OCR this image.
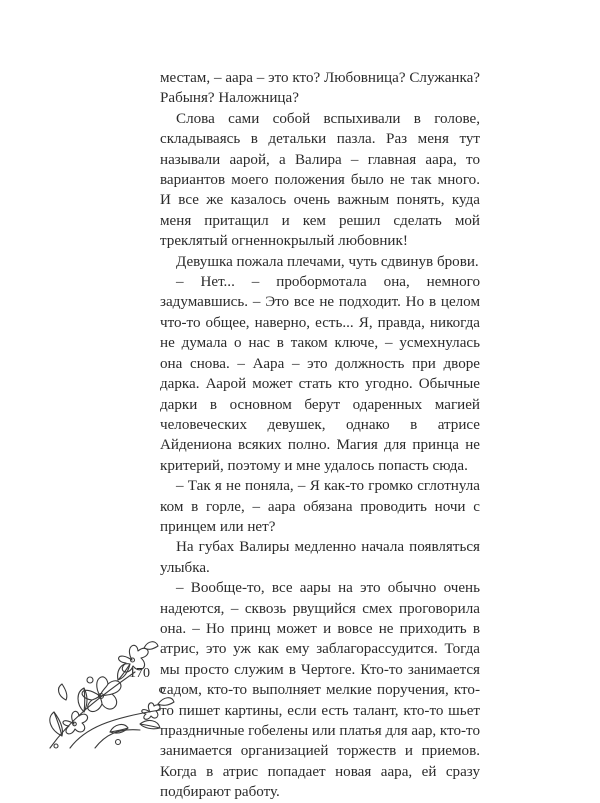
местам, – аара – это кто? Любовница? Служанка? Рабыня? Наложница?

Слова сами собой вспыхивали в голове, складываясь в детальки пазла. Раз меня тут называли аарой, а Валира – главная аара, то вариантов моего положения было не так много. И все же казалось очень важным понять, куда меня притащил и кем решил сделать мой треклятый огненнокрылый любовник!

Девушка пожала плечами, чуть сдвинув брови.

– Нет... – пробормотала она, немного задумавшись. – Это все не подходит. Но в целом что-то общее, наверно, есть... Я, правда, никогда не думала о нас в таком ключе, – усмехнулась она снова. – Аара – это должность при дворе дарка. Аарой может стать кто угодно. Обычные дарки в основном берут одаренных магией человеческих девушек, однако в атрисе Айдениона всяких полно. Магия для принца не критерий, поэтому и мне удалось попасть сюда.

– Так я не поняла, – Я как-то громко сглотнула ком в горле, – аара обязана проводить ночи с принцем или нет?

На губах Валиры медленно начала появляться улыбка.

– Вообще-то, все аары на это обычно очень надеются, – сквозь рвущийся смех проговорила она. – Но принц может и вовсе не приходить в атрис, это уж как ему заблагорассудится. Тогда мы просто служим в Чертоге. Кто-то занимается садом, кто-то выполняет мелкие поручения, кто-то пишет картины, если есть талант, кто-то шьет праздничные гобелены или платья для аар, кто-то занимается организацией торжеств и приемов. Когда в атрис попадает новая аара, ей сразу подбирают работу.

170
